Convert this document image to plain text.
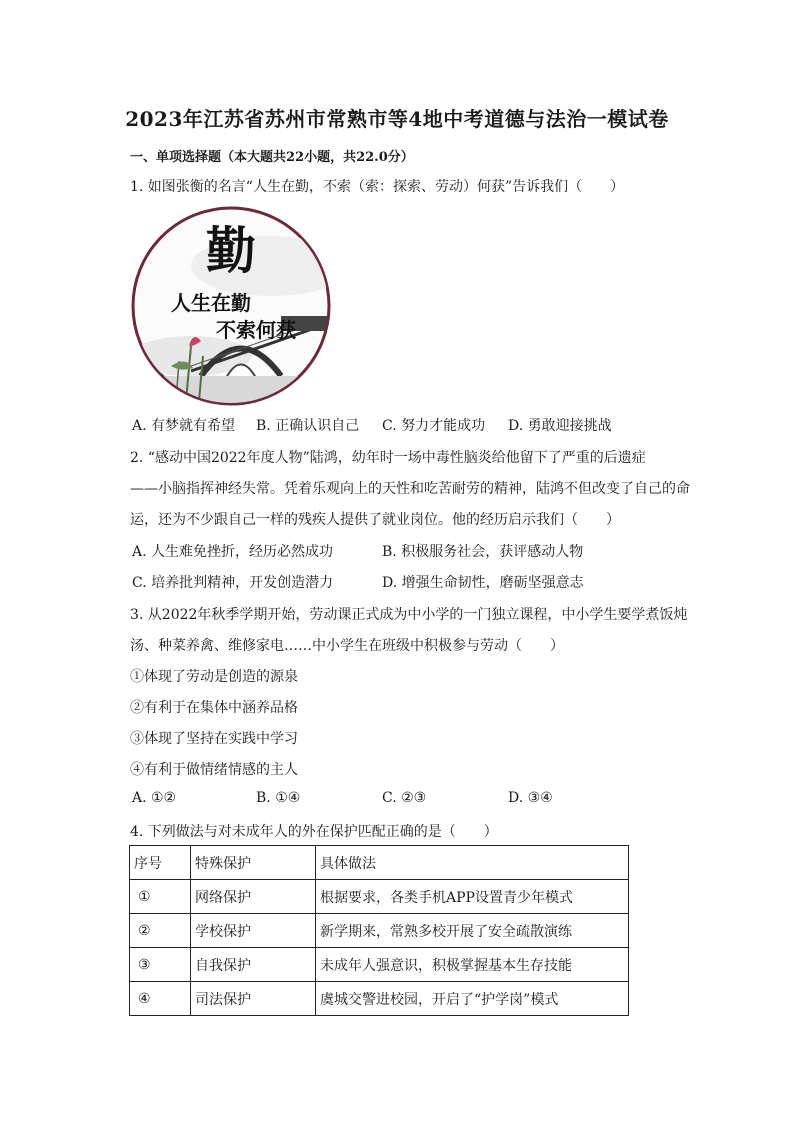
2023年江苏省苏州市常熟市等4地中考道德与法治一模试卷
一、单项选择题（本大题共22小题，共22.0分）
1. 如图张衡的名言“人生在勤，不索（索：探索、劳动）何获”告诉我们（　　）
勤
人生在勤
不索何获
A. 有梦就有希望 B. 正确认识自己 C. 努力才能成功 D. 勇敢迎接挑战
2. “感动中国2022年度人物”陆鸿，幼年时一场中毒性脑炎给他留下了严重的后遗症
——小脑指挥神经失常。凭着乐观向上的天性和吃苦耐劳的精神，陆鸿不但改变了自己的命
运，还为不少跟自己一样的残疾人提供了就业岗位。他的经历启示我们（　　）
A. 人生难免挫折，经历必然成功	B. 积极服务社会，获评感动人物
C. 培养批判精神，开发创造潜力	D. 增强生命韧性，磨砺坚强意志
3. 从2022年秋季学期开始，劳动课正式成为中小学的一门独立课程，中小学生要学煮饭炖
汤、种菜养禽、维修家电……中小学生在班级中积极参与劳动（　　）
①体现了劳动是创造的源泉
②有利于在集体中涵养品格
③体现了坚持在实践中学习
④有利于做情绪情感的主人
A. ①②	B. ①④	C. ②③	D. ③④
4. 下列做法与对未成年人的外在保护匹配正确的是（　　）
序号	特殊保护	具体做法
①	网络保护	根据要求，各类手机APP设置青少年模式
②	学校保护	新学期来，常熟多校开展了安全疏散演练
③	自我保护	未成年人强意识，积极掌握基本生存技能
④	司法保护	虞城交警进校园，开启了“护学岗”模式
